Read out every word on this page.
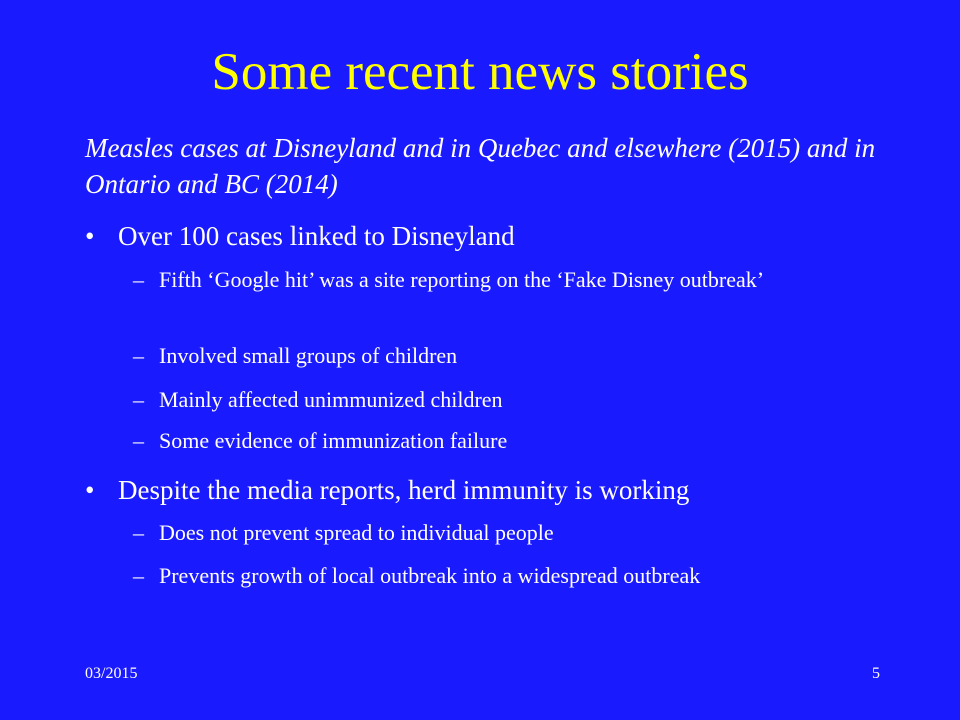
Some recent news stories

Measles cases at Disneyland and in Quebec and elsewhere (2015) and in Ontario and BC (2014)

• Over 100 cases linked to Disneyland
– Fifth ‘Google hit’ was a site reporting on the ‘Fake Disney outbreak’
– Involved small groups of children
– Mainly affected unimmunized children
– Some evidence of immunization failure
• Despite the media reports, herd immunity is working
– Does not prevent spread to individual people
– Prevents growth of local outbreak into a widespread outbreak
03/2015	5
